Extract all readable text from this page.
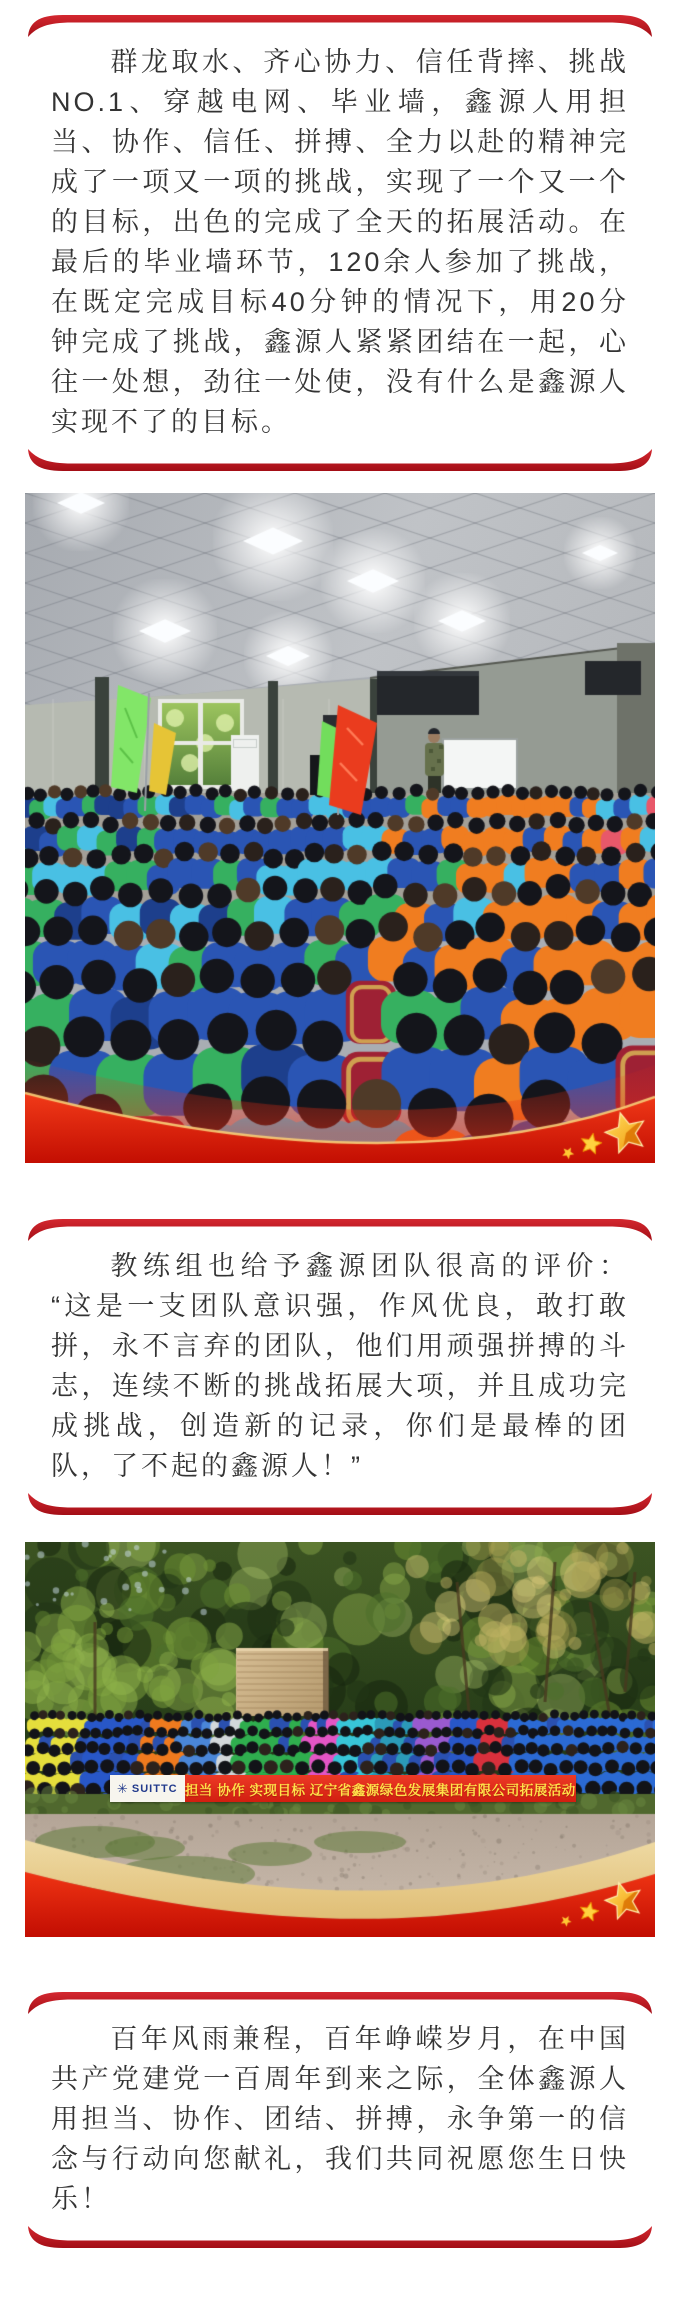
群龙取水、齐心协力、信任背摔、挑战NO.1、穿越电网、毕业墙，鑫源人用担当、协作、信任、拼搏、全力以赴的精神完成了一项又一项的挑战，实现了一个又一个的目标，出色的完成了全天的拓展活动。在最后的毕业墙环节，120余人参加了挑战，在既定完成目标40分钟的情况下，用20分钟完成了挑战，鑫源人紧紧团结在一起，心往一处想，劲往一处使，没有什么是鑫源人实现不了的目标。

教练组也给予鑫源团队很高的评价：“这是一支团队意识强，作风优良，敢打敢拼，永不言弃的团队，他们用顽强拼搏的斗志，连续不断的挑战拓展大项，并且成功完成挑战，创造新的记录，你们是最棒的团队，了不起的鑫源人！”

✳ SUITTC 担当 协作 实现目标 辽宁省鑫源绿色发展集团有限公司拓展活动

百年风雨兼程，百年峥嵘岁月，在中国共产党建党一百周年到来之际，全体鑫源人用担当、协作、团结、拼搏，永争第一的信念与行动向您献礼，我们共同祝愿您生日快乐！
